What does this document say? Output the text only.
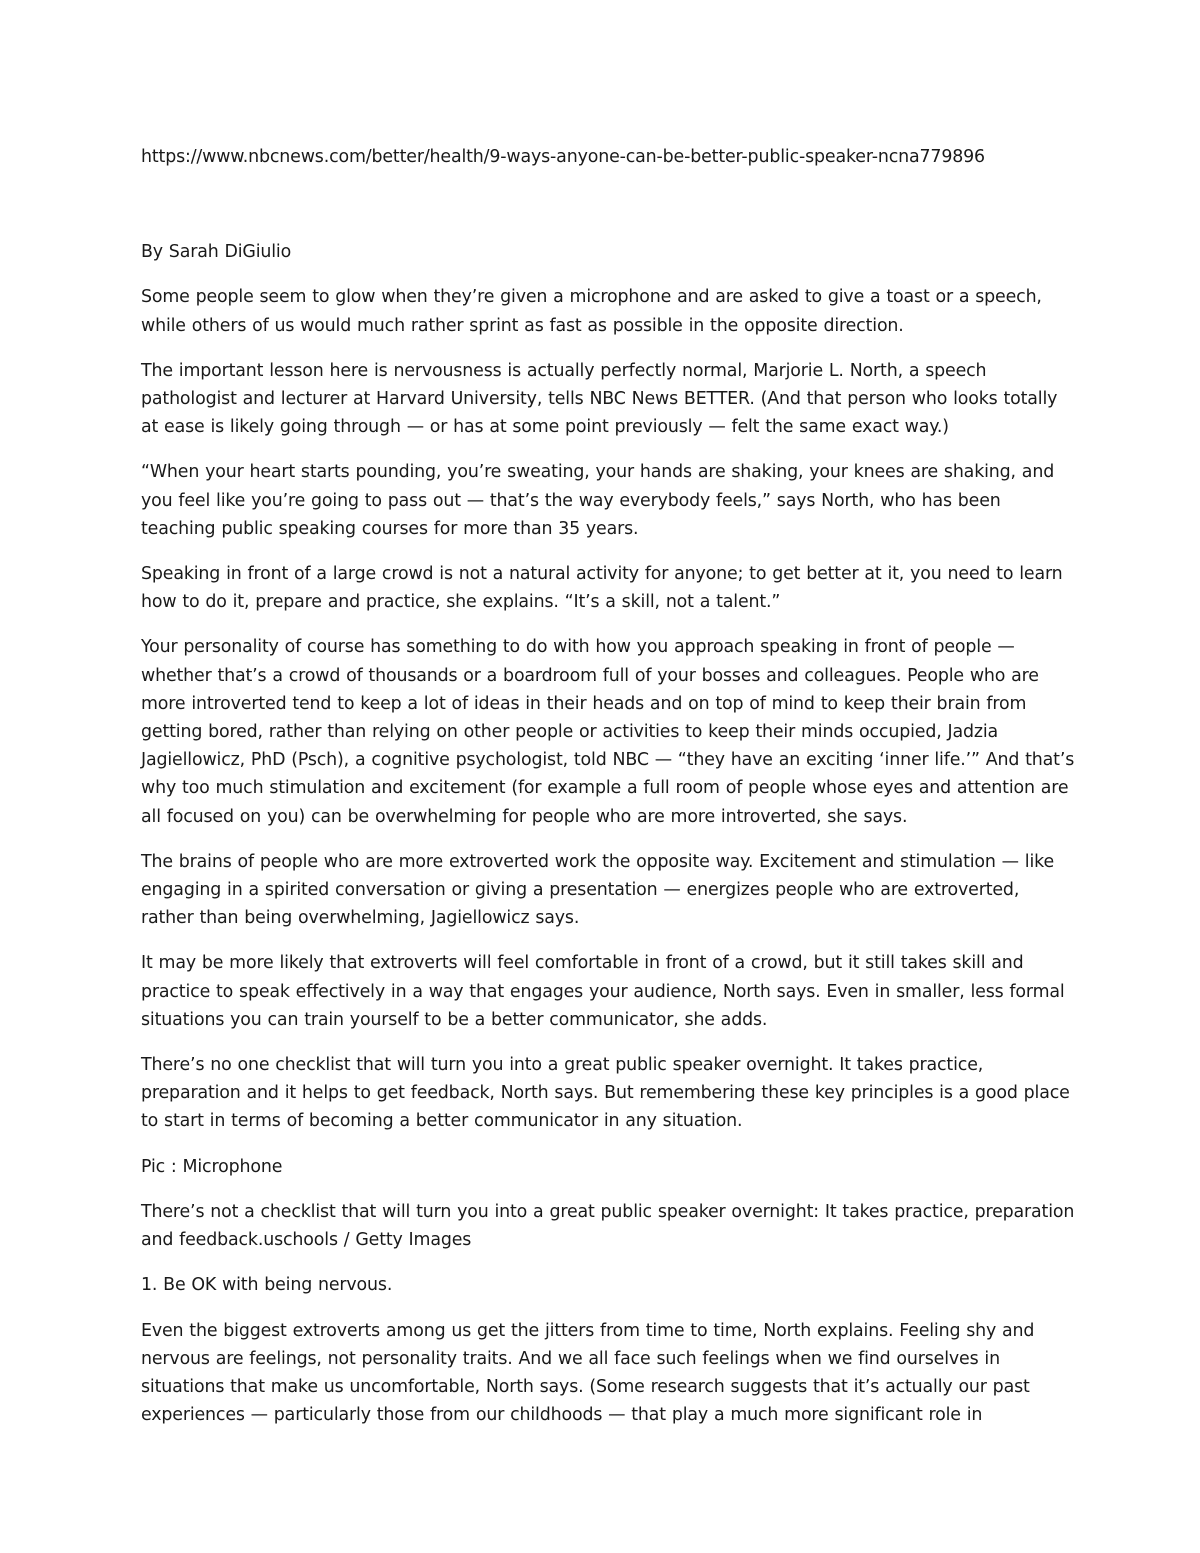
https://www.nbcnews.com/better/health/9-ways-anyone-can-be-better-public-speaker-ncna779896

By Sarah DiGiulio

Some people seem to glow when they’re given a microphone and are asked to give a toast or a speech, while others of us would much rather sprint as fast as possible in the opposite direction.

The important lesson here is nervousness is actually perfectly normal, Marjorie L. North, a speech pathologist and lecturer at Harvard University, tells NBC News BETTER. (And that person who looks totally at ease is likely going through — or has at some point previously — felt the same exact way.)

“When your heart starts pounding, you’re sweating, your hands are shaking, your knees are shaking, and you feel like you’re going to pass out — that’s the way everybody feels,” says North, who has been teaching public speaking courses for more than 35 years.

Speaking in front of a large crowd is not a natural activity for anyone; to get better at it, you need to learn how to do it, prepare and practice, she explains. “It’s a skill, not a talent.”

Your personality of course has something to do with how you approach speaking in front of people — whether that’s a crowd of thousands or a boardroom full of your bosses and colleagues. People who are more introverted tend to keep a lot of ideas in their heads and on top of mind to keep their brain from getting bored, rather than relying on other people or activities to keep their minds occupied, Jadzia Jagiellowicz, PhD (Psch), a cognitive psychologist, told NBC — “they have an exciting ‘inner life.’” And that’s why too much stimulation and excitement (for example a full room of people whose eyes and attention are all focused on you) can be overwhelming for people who are more introverted, she says.

The brains of people who are more extroverted work the opposite way. Excitement and stimulation — like engaging in a spirited conversation or giving a presentation — energizes people who are extroverted, rather than being overwhelming, Jagiellowicz says.

It may be more likely that extroverts will feel comfortable in front of a crowd, but it still takes skill and practice to speak effectively in a way that engages your audience, North says. Even in smaller, less formal situations you can train yourself to be a better communicator, she adds.

There’s no one checklist that will turn you into a great public speaker overnight. It takes practice, preparation and it helps to get feedback, North says. But remembering these key principles is a good place to start in terms of becoming a better communicator in any situation.

Pic : Microphone

There’s not a checklist that will turn you into a great public speaker overnight: It takes practice, preparation and feedback.uschools / Getty Images

1. Be OK with being nervous.

Even the biggest extroverts among us get the jitters from time to time, North explains. Feeling shy and nervous are feelings, not personality traits. And we all face such feelings when we find ourselves in situations that make us uncomfortable, North says. (Some research suggests that it’s actually our past experiences — particularly those from our childhoods — that play a much more significant role in
